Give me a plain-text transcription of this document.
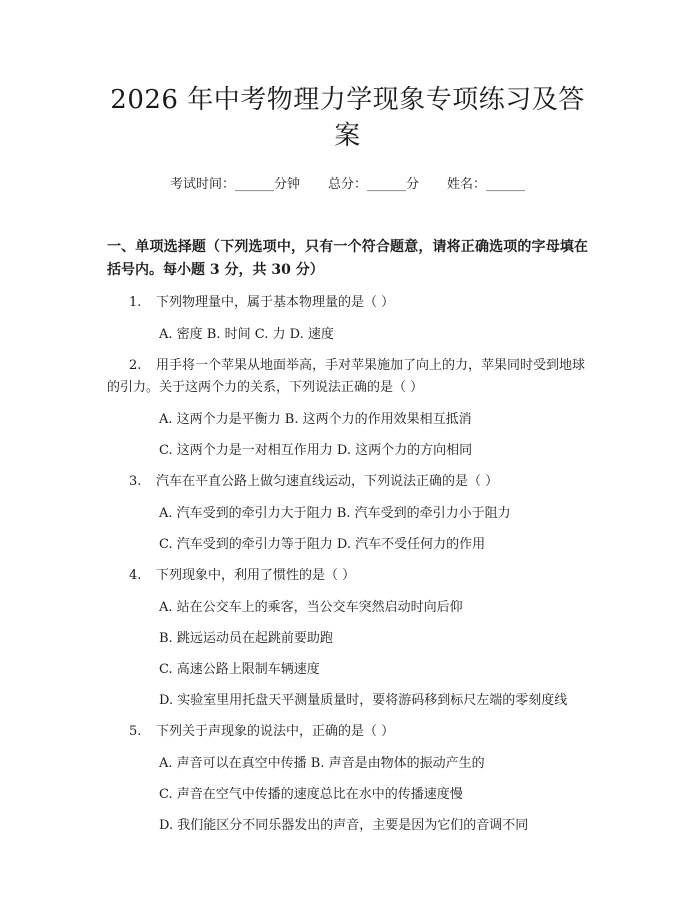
2026 年中考物理力学现象专项练习及答案
考试时间：______分钟 总分：______分 姓名：______
一、单项选择题（下列选项中，只有一个符合题意，请将正确选项的字母填在括号内。每小题 3 分，共 30 分）
1. 下列物理量中，属于基本物理量的是（ ）
A. 密度 B. 时间 C. 力 D. 速度
2. 用手将一个苹果从地面举高，手对苹果施加了向上的力，苹果同时受到地球的引力。关于这两个力的关系，下列说法正确的是（ ）
A. 这两个力是平衡力 B. 这两个力的作用效果相互抵消
C. 这两个力是一对相互作用力 D. 这两个力的方向相同
3. 汽车在平直公路上做匀速直线运动，下列说法正确的是（ ）
A. 汽车受到的牵引力大于阻力 B. 汽车受到的牵引力小于阻力
C. 汽车受到的牵引力等于阻力 D. 汽车不受任何力的作用
4. 下列现象中，利用了惯性的是（ ）
A. 站在公交车上的乘客，当公交车突然启动时向后仰
B. 跳远运动员在起跳前要助跑
C. 高速公路上限制车辆速度
D. 实验室里用托盘天平测量质量时，要将游码移到标尺左端的零刻度线
5. 下列关于声现象的说法中，正确的是（ ）
A. 声音可以在真空中传播 B. 声音是由物体的振动产生的
C. 声音在空气中传播的速度总比在水中的传播速度慢
D. 我们能区分不同乐器发出的声音，主要是因为它们的音调不同
